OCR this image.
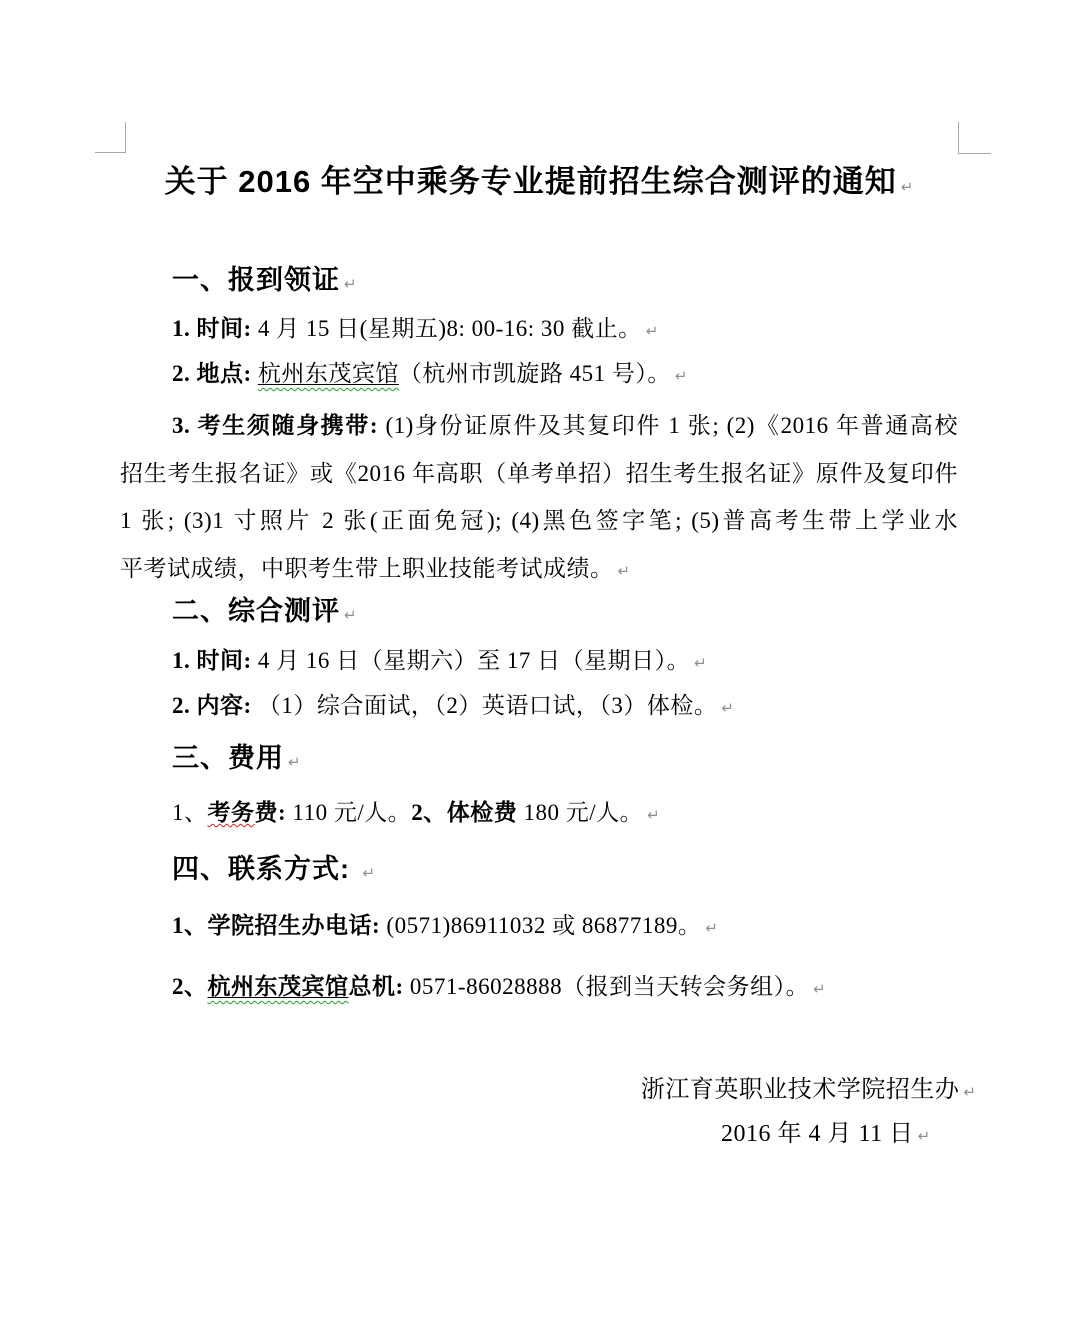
关于 2016 年空中乘务专业提前招生综合测评的通知 ↵
一、报到领证 ↵
1. 时间: 4 月 15 日(星期五)8: 00-16: 30 截止。 ↵
2. 地点: 杭州东茂宾馆（杭州市凯旋路 451 号）。 ↵
3. 考生须随身携带: (1)身份证原件及其复印件 1 张; (2)《2016 年普通高校
招生考生报名证》或《2016 年高职（单考单招）招生考生报名证》原件及复印件
1 张; (3)1 寸照片 2 张(正面免冠); (4)黑色签字笔; (5)普高考生带上学业水
平考试成绩，中职考生带上职业技能考试成绩。 ↵
二、综合测评 ↵
1. 时间: 4 月 16 日（星期六）至 17 日（星期日）。 ↵
2. 内容: （1）综合面试，（2）英语口试，（3）体检。 ↵
三、费用 ↵
1、考务费: 110 元/人。2、体检费 180 元/人。 ↵
四、联系方式: ↵
1、学院招生办电话: (0571)86911032 或 86877189。 ↵
2、杭州东茂宾馆总机: 0571-86028888（报到当天转会务组）。 ↵
浙江育英职业技术学院招生办 ↵
2016 年 4 月 11 日 ↵
